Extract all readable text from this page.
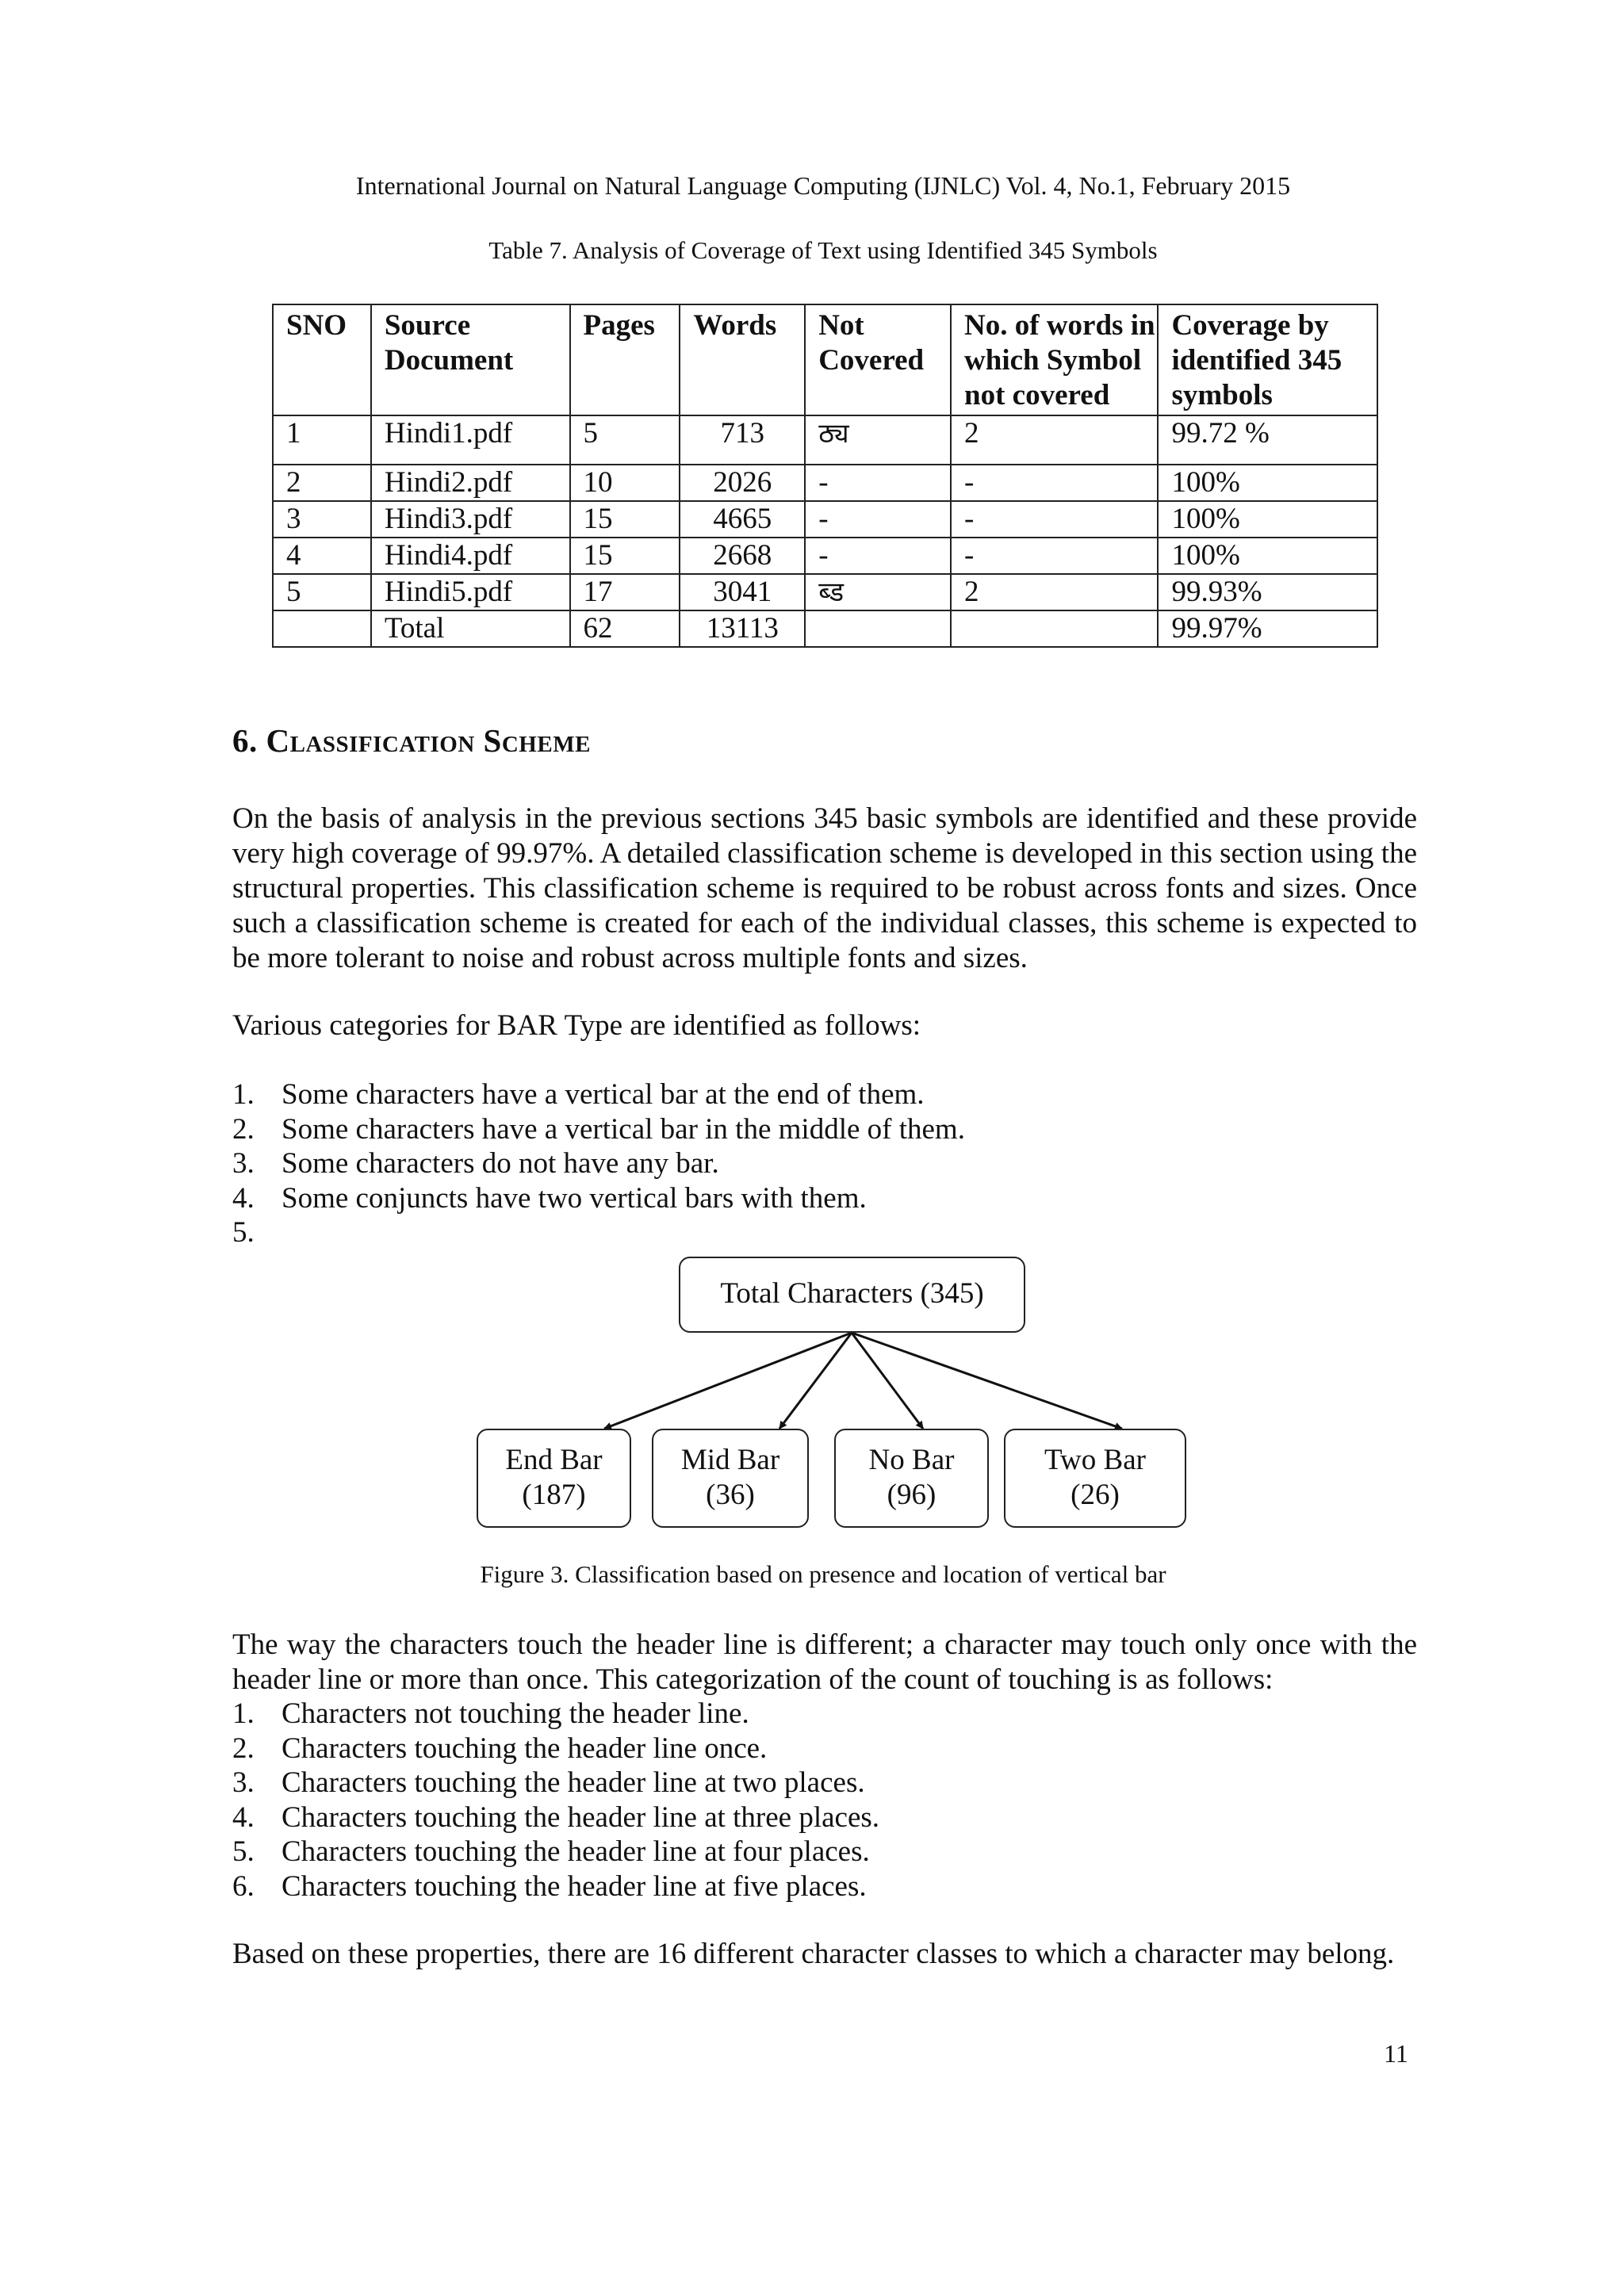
International Journal on Natural Language Computing (IJNLC) Vol. 4, No.1, February 2015
Table 7. Analysis of Coverage of Text using Identified 345 Symbols
SNO	Source Document	Pages	Words	Not Covered	No. of words in which Symbol not covered	Coverage by identified 345 symbols
1	Hindi1.pdf	5	713	ठ्य	2	99.72 %
2	Hindi2.pdf	10	2026	-	-	100%
3	Hindi3.pdf	15	4665	-	-	100%
4	Hindi4.pdf	15	2668	-	-	100%
5	Hindi5.pdf	17	3041	ब्ड	2	99.93%
	Total	62	13113			99.97%
6. Classification Scheme

On the basis of analysis in the previous sections 345 basic symbols are identified and these provide very high coverage of 99.97%. A detailed classification scheme is developed in this section using the structural properties. This classification scheme is required to be robust across fonts and sizes. Once such a classification scheme is created for each of the individual classes, this scheme is expected to be more tolerant to noise and robust across multiple fonts and sizes.

Various categories for BAR Type are identified as follows:

1. Some characters have a vertical bar at the end of them.
2. Some characters have a vertical bar in the middle of them.
3. Some characters do not have any bar.
4. Some conjuncts have two vertical bars with them.
5.

Total Characters (345)
End Bar
(187)
Mid Bar
(36)
No Bar
(96)
Two Bar
(26)
Figure 3. Classification based on presence and location of vertical bar

The way the characters touch the header line is different; a character may touch only once with the header line or more than once. This categorization of the count of touching is as follows:

1. Characters not touching the header line.
2. Characters touching the header line once.
3. Characters touching the header line at two places.
4. Characters touching the header line at three places.
5. Characters touching the header line at four places.
6. Characters touching the header line at five places.

Based on these properties, there are 16 different character classes to which a character may belong.

11
